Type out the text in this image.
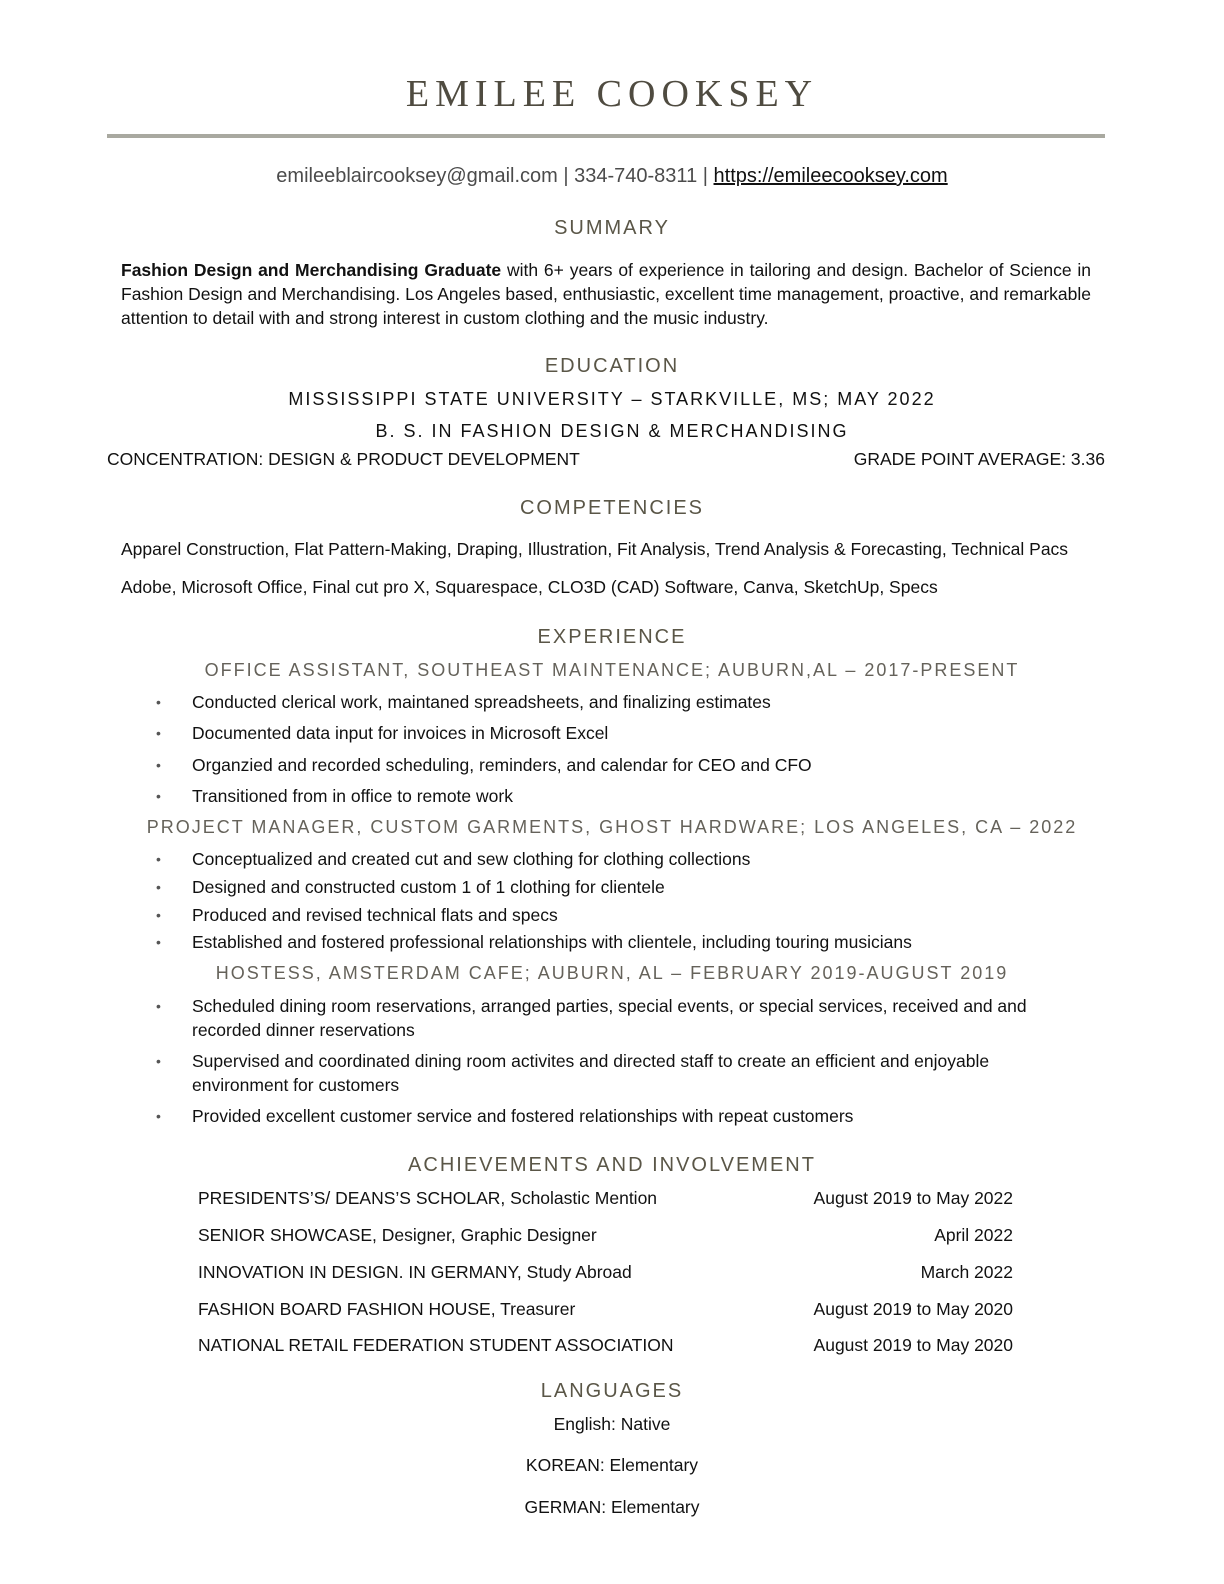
EMILEE COOKSEY
emileeblaircooksey@gmail.com | 334-740-8311 | https://emileecooksey.com
SUMMARY
Fashion Design and Merchandising Graduate with 6+ years of experience in tailoring and design. Bachelor of Science in Fashion Design and Merchandising. Los Angeles based, enthusiastic, excellent time management, proactive, and remarkable attention to detail with and strong interest in custom clothing and the music industry.
EDUCATION
MISSISSIPPI STATE UNIVERSITY – STARKVILLE, MS; MAY 2022
B. S. IN FASHION DESIGN & MERCHANDISING
CONCENTRATION: DESIGN & PRODUCT DEVELOPMENT	GRADE POINT AVERAGE: 3.36
COMPETENCIES
Apparel Construction, Flat Pattern-Making, Draping, Illustration, Fit Analysis, Trend Analysis & Forecasting, Technical Pacs
Adobe, Microsoft Office, Final cut pro X, Squarespace, CLO3D (CAD) Software, Canva, SketchUp, Specs
EXPERIENCE
OFFICE ASSISTANT, SOUTHEAST MAINTENANCE; AUBURN,AL – 2017-PRESENT
• Conducted clerical work, maintaned spreadsheets, and finalizing estimates
• Documented data input for invoices in Microsoft Excel
• Organzied and recorded scheduling, reminders, and calendar for CEO and CFO
• Transitioned from in office to remote work
PROJECT MANAGER, CUSTOM GARMENTS, GHOST HARDWARE; LOS ANGELES, CA – 2022
• Conceptualized and created cut and sew clothing for clothing collections
• Designed and constructed custom 1 of 1 clothing for clientele
• Produced and revised technical flats and specs
• Established and fostered professional relationships with clientele, including touring musicians
HOSTESS, AMSTERDAM CAFE; AUBURN, AL – FEBRUARY 2019-AUGUST 2019
• Scheduled dining room reservations, arranged parties, special events, or special services, received and and recorded dinner reservations
• Supervised and coordinated dining room activites and directed staff to create an efficient and enjoyable environment for customers
• Provided excellent customer service and fostered relationships with repeat customers
ACHIEVEMENTS AND INVOLVEMENT
PRESIDENTS’S/ DEANS’S SCHOLAR, Scholastic Mention	August 2019 to May 2022
SENIOR SHOWCASE, Designer, Graphic Designer	April 2022
INNOVATION IN DESIGN. IN GERMANY, Study Abroad	March 2022
FASHION BOARD FASHION HOUSE, Treasurer	August 2019 to May 2020
NATIONAL RETAIL FEDERATION STUDENT ASSOCIATION	August 2019 to May 2020
LANGUAGES
English: Native
KOREAN: Elementary
GERMAN: Elementary
